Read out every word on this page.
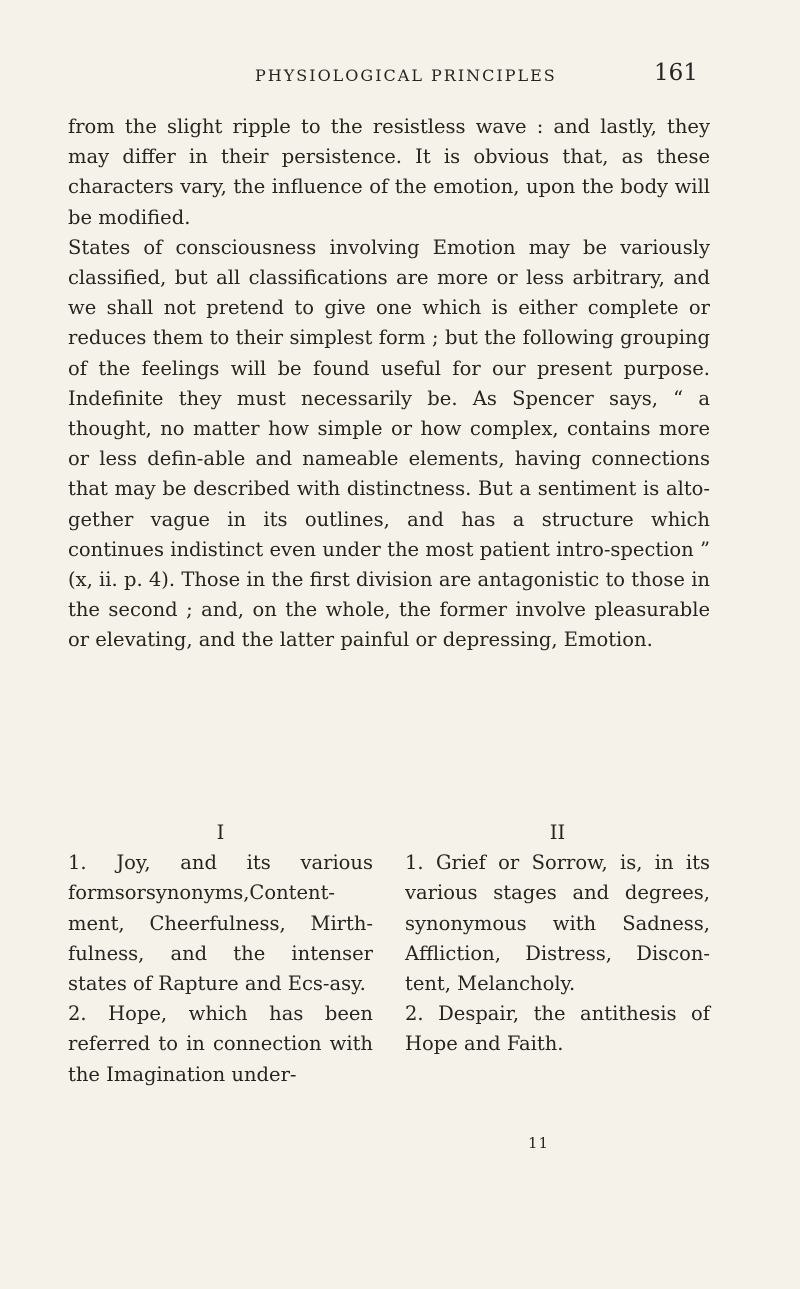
PHYSIOLOGICAL PRINCIPLES	161

from the slight ripple to the resistless wave : and lastly, they may differ in their persistence. It is obvious that, as these characters vary, the influence of the emotion, upon the body will be modified.

States of consciousness involving Emotion may be variously classified, but all classifications are more or less arbitrary, and we shall not pretend to give one which is either complete or reduces them to their simplest form ; but the following grouping of the feelings will be found useful for our present purpose. Indefinite they must necessarily be. As Spencer says, “ a thought, no matter how simple or how complex, contains more or less defin-able and nameable elements, having connections that may be described with distinctness. But a sentiment is alto-gether vague in its outlines, and has a structure which continues indistinct even under the most patient intro-spection ” (x, ii. p. 4). Those in the first division are antagonistic to those in the second ; and, on the whole, the former involve pleasurable or elevating, and the latter painful or depressing, Emotion.

I

1. Joy, and its various formsorsynonyms,Content-ment, Cheerfulness, Mirth-fulness, and the intenser states of Rapture and Ecs-asy.

2. Hope, which has been referred to in connection with the Imagination under-

II

1. Grief or Sorrow, is, in its various stages and degrees, synonymous with Sadness, Affliction, Distress, Discon-tent, Melancholy.

2. Despair, the antithesis of Hope and Faith.

11
